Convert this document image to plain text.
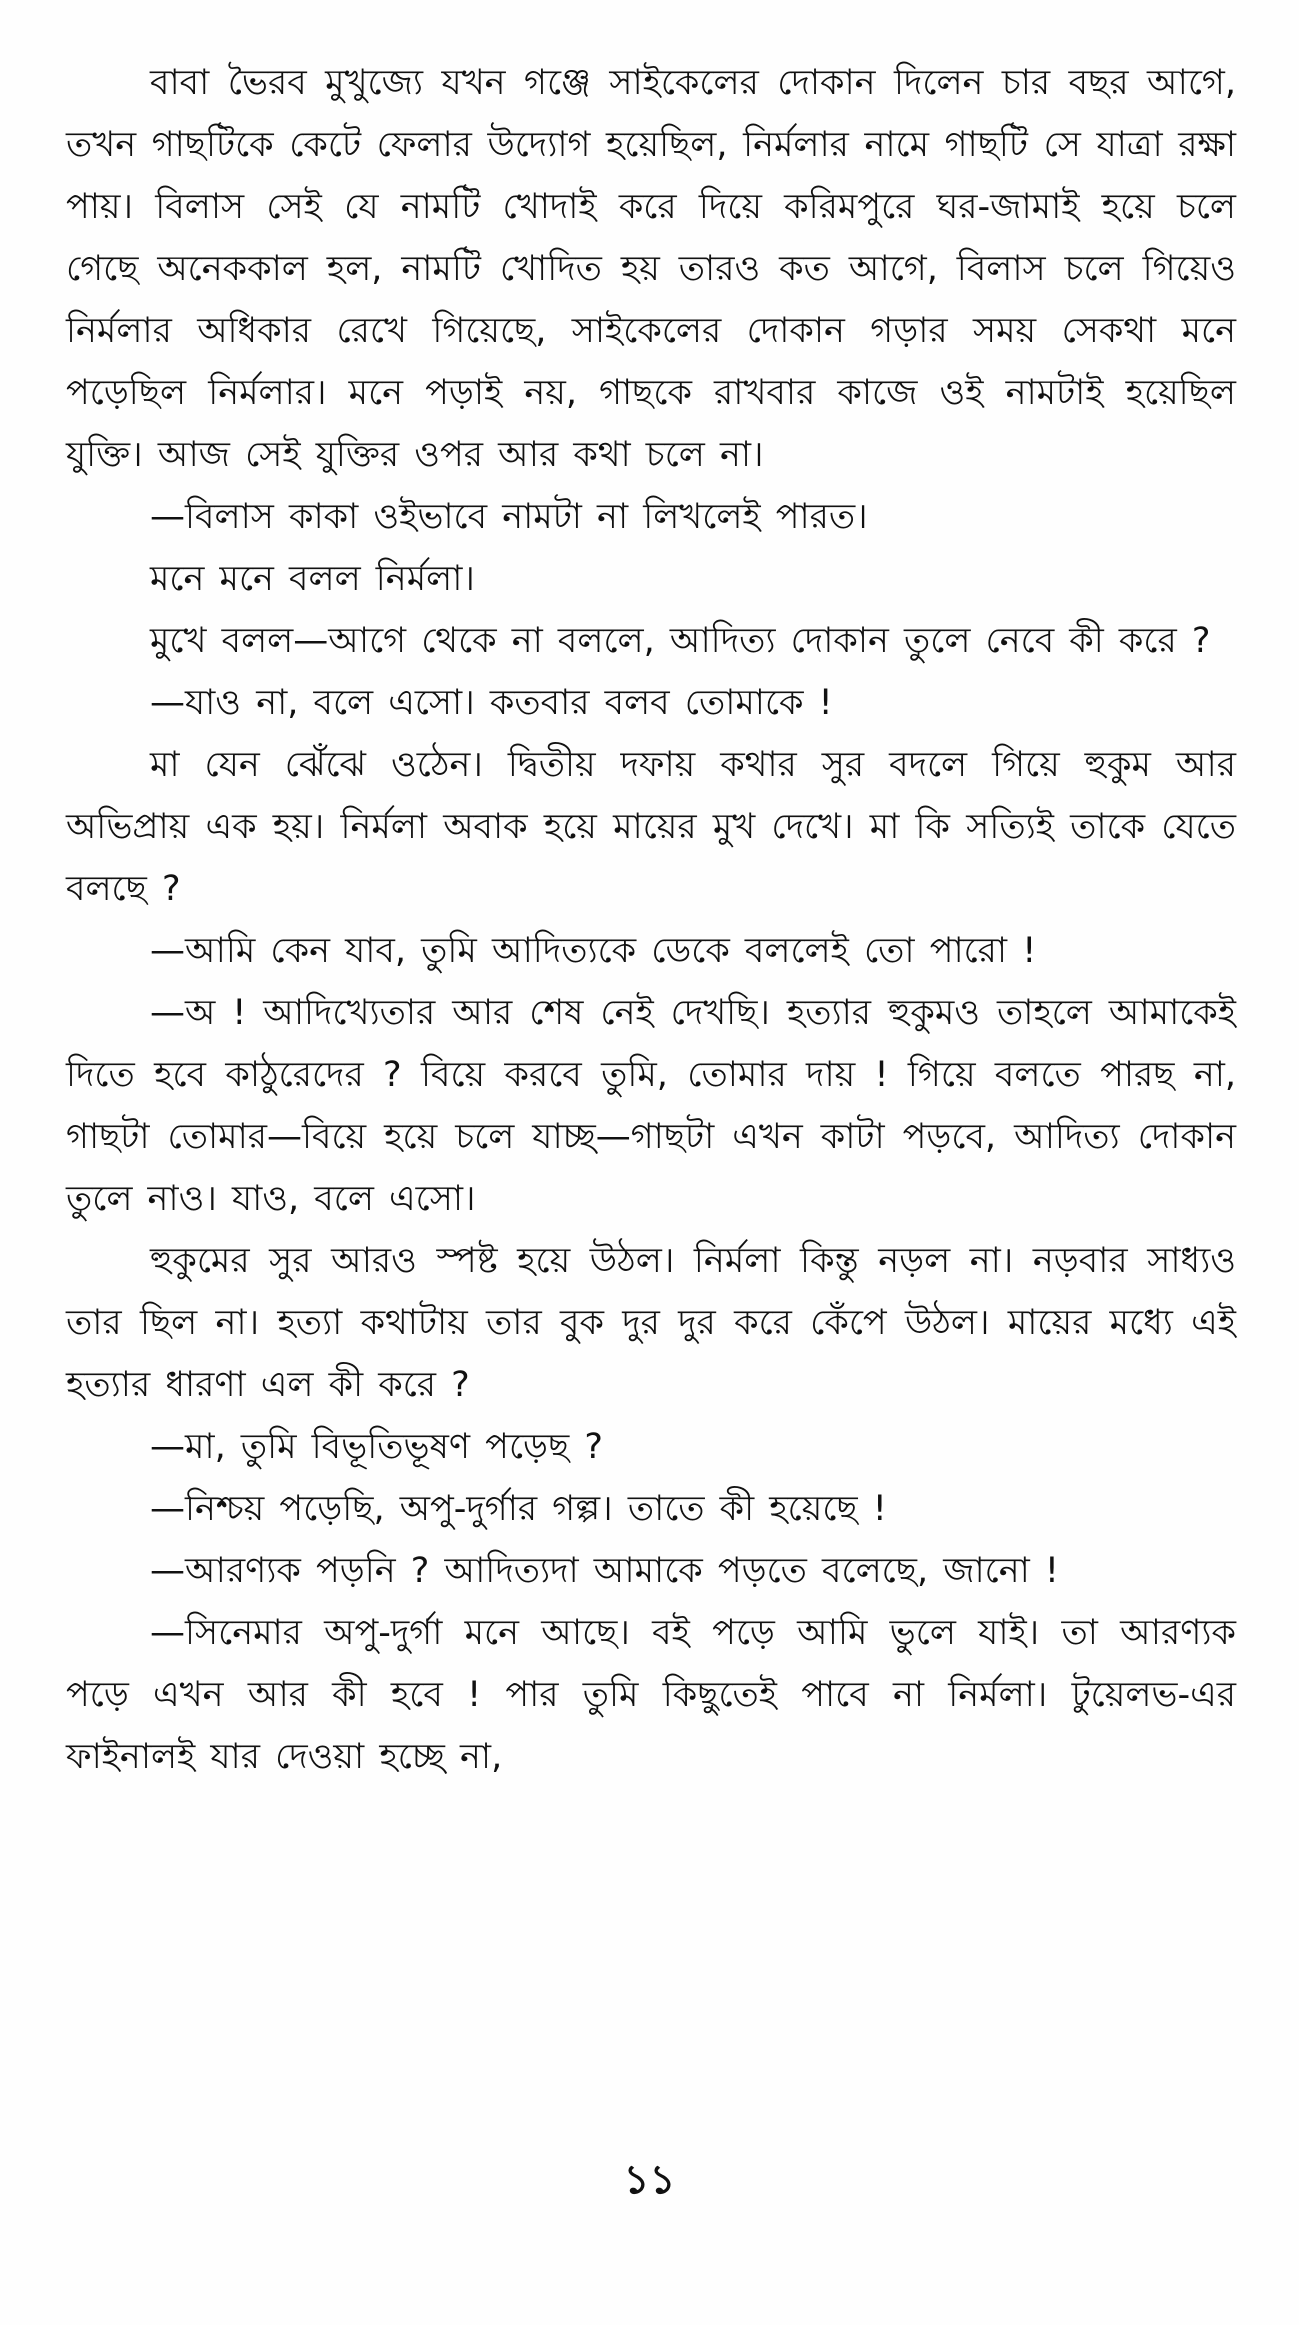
বাবা ভৈরব মুখুজ্যে যখন গঞ্জে সাইকেলের দোকান দিলেন চার বছর আগে, তখন গাছটিকে কেটে ফেলার উদ্যোগ হয়েছিল, নির্মলার নামে গাছটি সে যাত্রা রক্ষা পায়। বিলাস সেই যে নামটি খোদাই করে দিয়ে করিমপুরে ঘর-জামাই হয়ে চলে গেছে অনেককাল হল, নামটি খোদিত হয় তারও কত আগে, বিলাস চলে গিয়েও নির্মলার অধিকার রেখে গিয়েছে, সাইকেলের দোকান গড়ার সময় সেকথা মনে পড়েছিল নির্মলার। মনে পড়াই নয়, গাছকে রাখবার কাজে ওই নামটাই হয়েছিল যুক্তি। আজ সেই যুক্তির ওপর আর কথা চলে না।

—বিলাস কাকা ওইভাবে নামটা না লিখলেই পারত।

মনে মনে বলল নির্মলা।

মুখে বলল—আগে থেকে না বললে, আদিত্য দোকান তুলে নেবে কী করে ?

—যাও না, বলে এসো। কতবার বলব তোমাকে !

মা যেন ঝেঁঝে ওঠেন। দ্বিতীয় দফায় কথার সুর বদলে গিয়ে হুকুম আর অভিপ্রায় এক হয়। নির্মলা অবাক হয়ে মায়ের মুখ দেখে। মা কি সত্যিই তাকে যেতে বলছে ?

—আমি কেন যাব, তুমি আদিত্যকে ডেকে বললেই তো পারো !

—অ ! আদিখ্যেতার আর শেষ নেই দেখছি। হত্যার হুকুমও তাহলে আমাকেই দিতে হবে কাঠুরেদের ? বিয়ে করবে তুমি, তোমার দায় ! গিয়ে বলতে পারছ না, গাছটা তোমার—বিয়ে হয়ে চলে যাচ্ছ—গাছটা এখন কাটা পড়বে, আদিত্য দোকান তুলে নাও। যাও, বলে এসো।

হুকুমের সুর আরও স্পষ্ট হয়ে উঠল। নির্মলা কিন্তু নড়ল না। নড়বার সাধ্যও তার ছিল না। হত্যা কথাটায় তার বুক দুর দুর করে কেঁপে উঠল। মায়ের মধ্যে এই হত্যার ধারণা এল কী করে ?

—মা, তুমি বিভূতিভূষণ পড়েছ ?

—নিশ্চয় পড়েছি, অপু-দুর্গার গল্প। তাতে কী হয়েছে !

—আরণ্যক পড়নি ? আদিত্যদা আমাকে পড়তে বলেছে, জানো !

—সিনেমার অপু-দুর্গা মনে আছে। বই পড়ে আমি ভুলে যাই। তা আরণ্যক পড়ে এখন আর কী হবে ! পার তুমি কিছুতেই পাবে না নির্মলা। টুয়েলভ-এর ফাইনালই যার দেওয়া হচ্ছে না,

১১
